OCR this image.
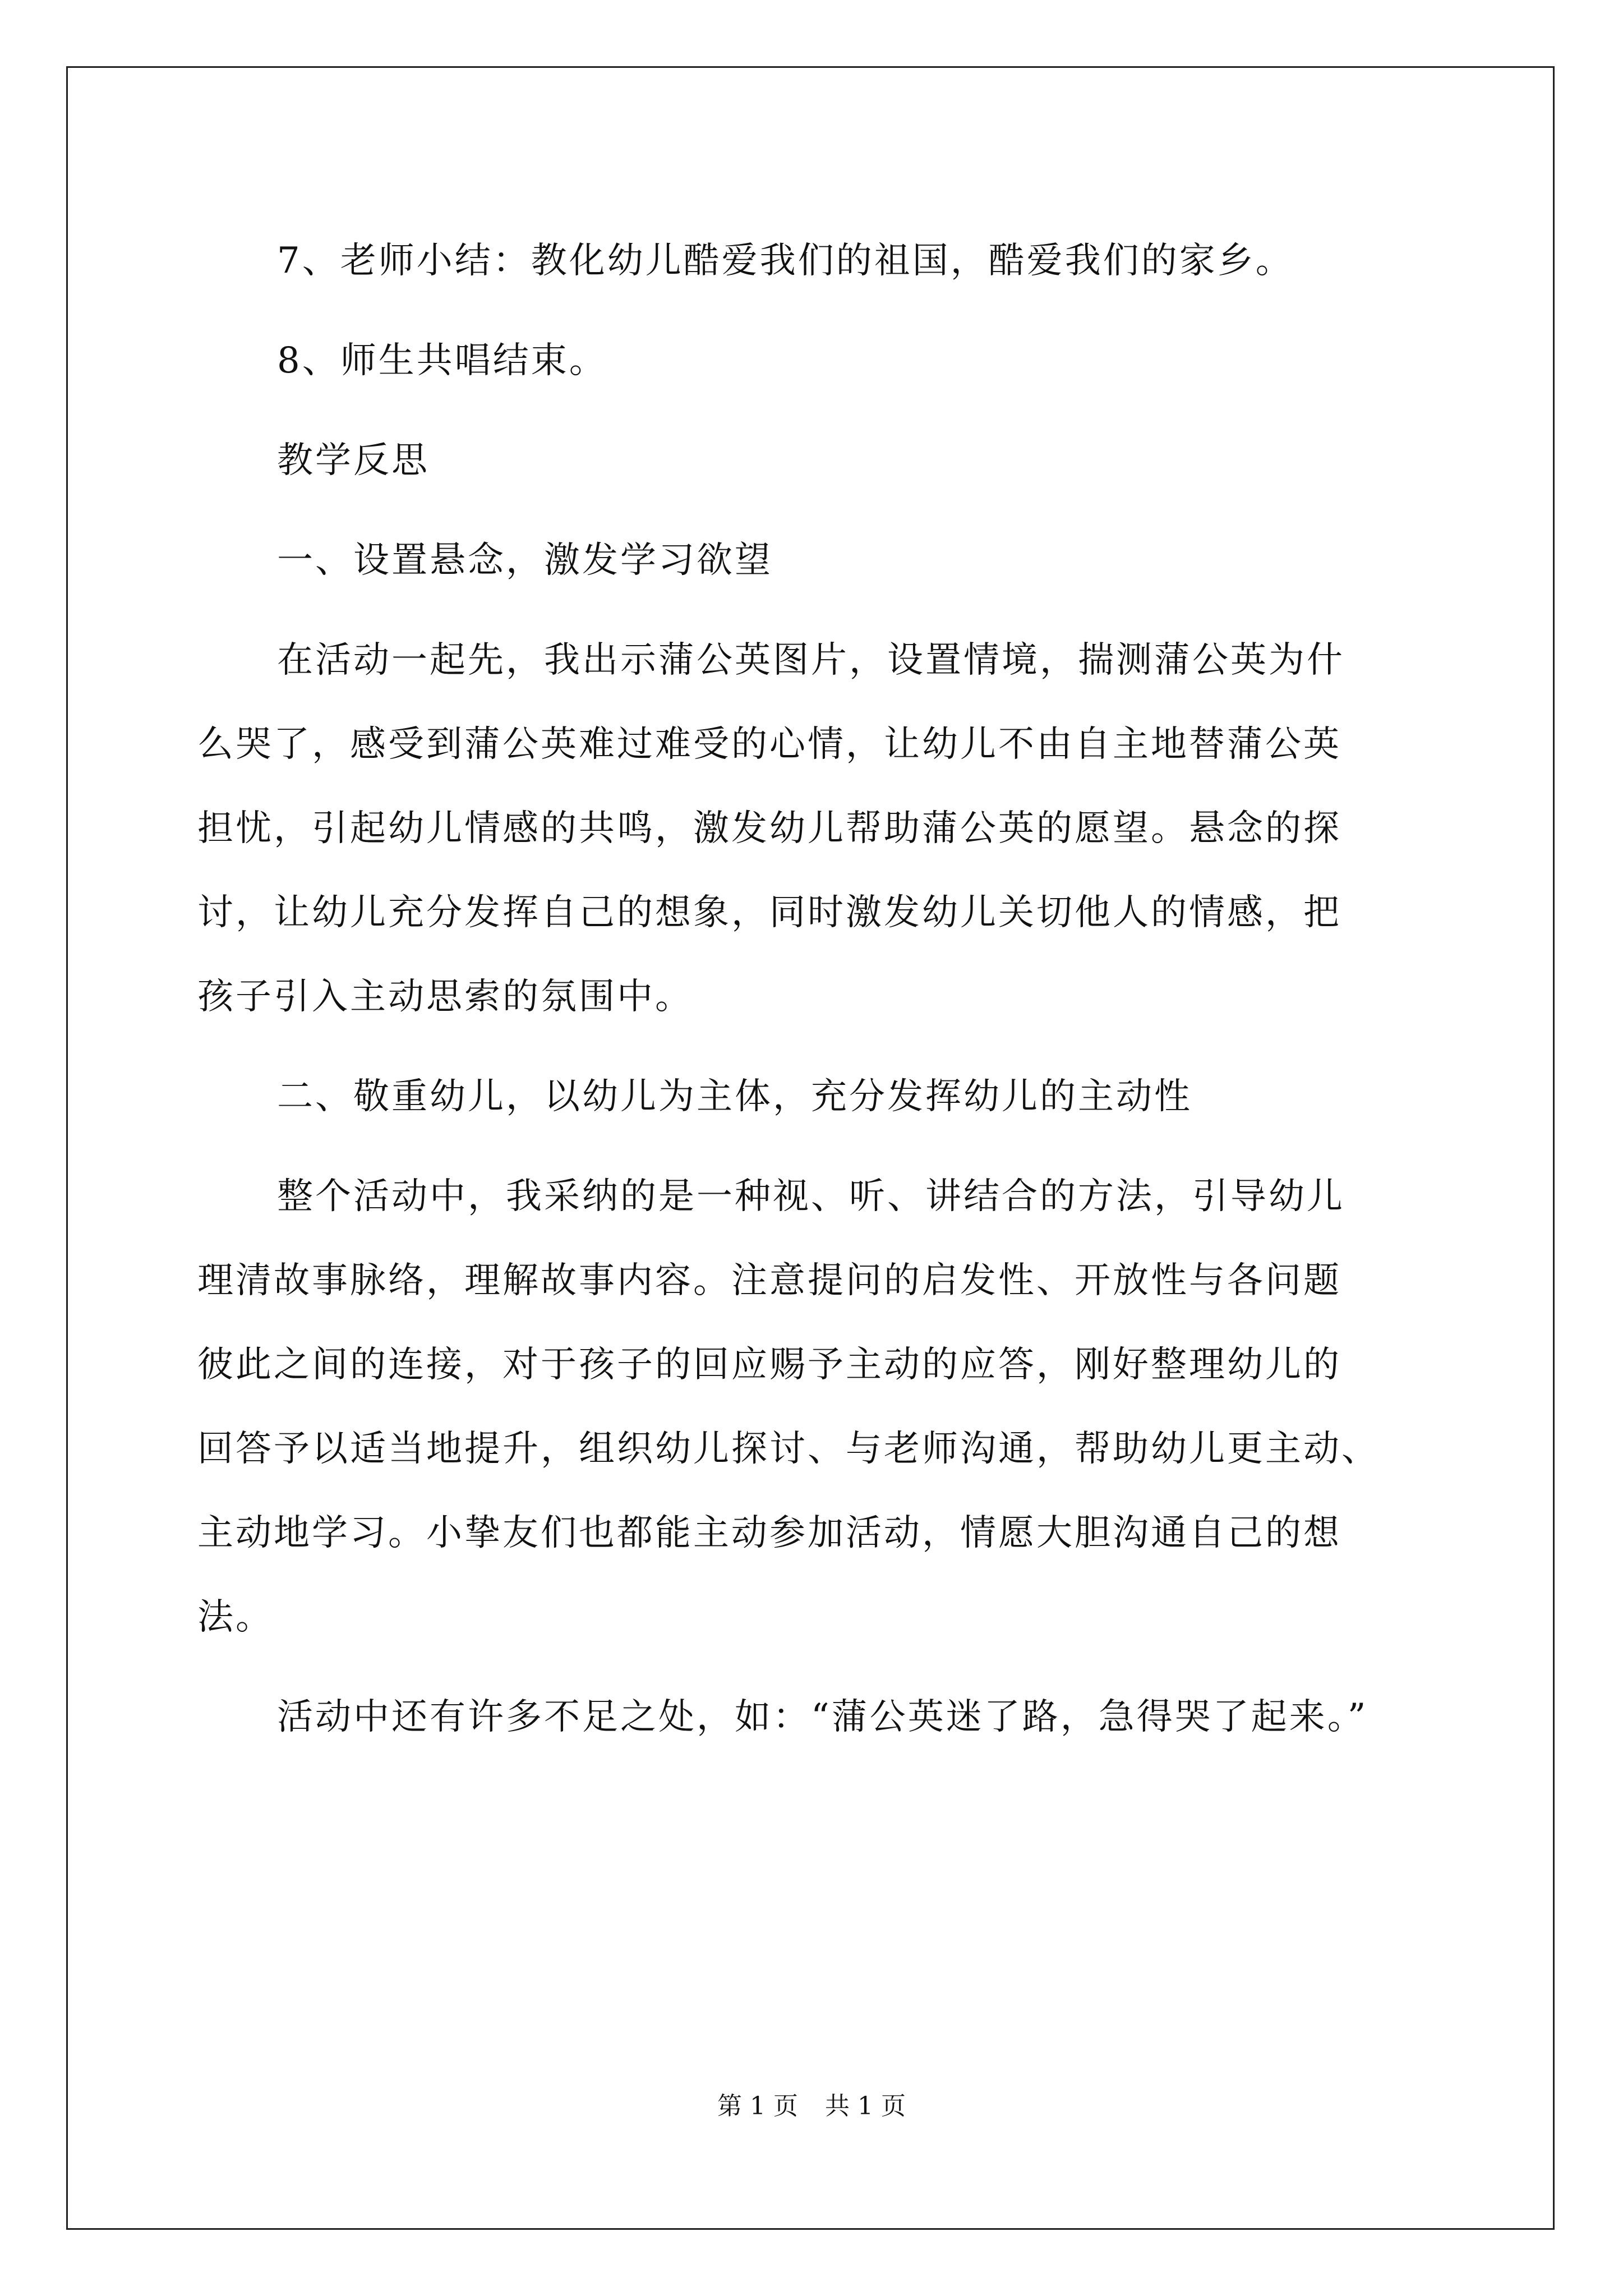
7、老师小结：教化幼儿酷爱我们的祖国，酷爱我们的家乡。
8、师生共唱结束。
教学反思
一、设置悬念，激发学习欲望
在活动一起先，我出示蒲公英图片，设置情境，揣测蒲公英为什
么哭了，感受到蒲公英难过难受的心情，让幼儿不由自主地替蒲公英
担忧，引起幼儿情感的共鸣，激发幼儿帮助蒲公英的愿望。悬念的探
讨，让幼儿充分发挥自己的想象，同时激发幼儿关切他人的情感，把
孩子引入主动思索的氛围中。
二、敬重幼儿，以幼儿为主体，充分发挥幼儿的主动性
整个活动中，我采纳的是一种视、听、讲结合的方法，引导幼儿
理清故事脉络，理解故事内容。注意提问的启发性、开放性与各问题
彼此之间的连接，对于孩子的回应赐予主动的应答，刚好整理幼儿的
回答予以适当地提升，组织幼儿探讨、与老师沟通，帮助幼儿更主动、
主动地学习。小挚友们也都能主动参加活动，情愿大胆沟通自己的想
法。
活动中还有许多不足之处，如：“蒲公英迷了路，急得哭了起来。”
第 1 页 共 1 页
